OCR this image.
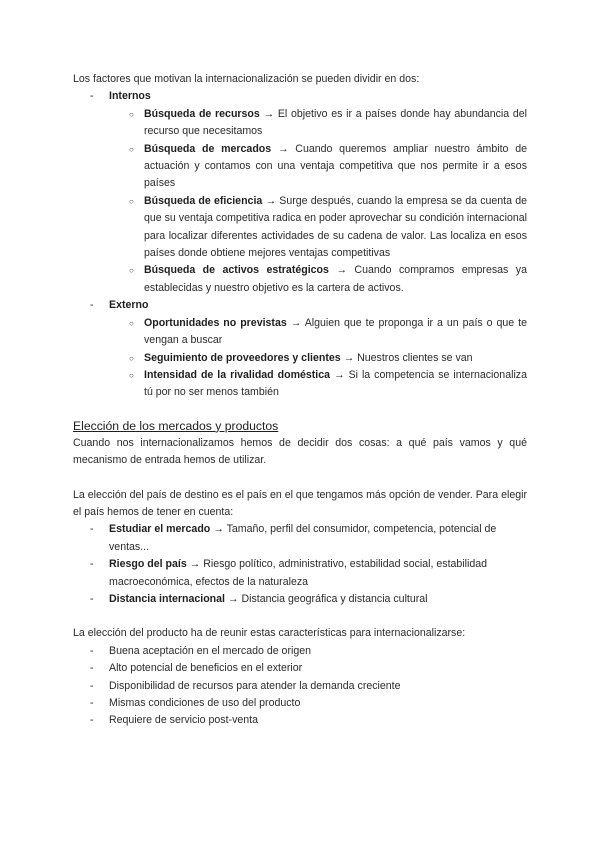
Los factores que motivan la internacionalización se pueden dividir en dos:

- Internos
○ Búsqueda de recursos → El objetivo es ir a países donde hay abundancia del recurso que necesitamos
○ Búsqueda de mercados → Cuando queremos ampliar nuestro ámbito de actuación y contamos con una ventaja competitiva que nos permite ir a esos países
○ Búsqueda de eficiencia → Surge después, cuando la empresa se da cuenta de que su ventaja competitiva radica en poder aprovechar su condición internacional para localizar diferentes actividades de su cadena de valor. Las localiza en esos países donde obtiene mejores ventajas competitivas
○ Búsqueda de activos estratégicos → Cuando compramos empresas ya establecidas y nuestro objetivo es la cartera de activos.
- Externo
○ Oportunidades no previstas → Alguien que te proponga ir a un país o que te vengan a buscar
○ Seguimiento de proveedores y clientes → Nuestros clientes se van
○ Intensidad de la rivalidad doméstica → Si la competencia se internacionaliza tú por no ser menos también
Elección de los mercados y productos

Cuando nos internacionalizamos hemos de decidir dos cosas: a qué país vamos y qué mecanismo de entrada hemos de utilizar.

La elección del país de destino es el país en el que tengamos más opción de vender. Para elegir el país hemos de tener en cuenta:

- Estudiar el mercado → Tamaño, perfil del consumidor, competencia, potencial de ventas...
- Riesgo del país → Riesgo político, administrativo, estabilidad social, estabilidad macroeconómica, efectos de la naturaleza
- Distancia internacional → Distancia geográfica y distancia cultural

La elección del producto ha de reunir estas características para internacionalizarse:

- Buena aceptación en el mercado de origen
- Alto potencial de beneficios en el exterior
- Disponibilidad de recursos para atender la demanda creciente
- Mismas condiciones de uso del producto
- Requiere de servicio post-venta
